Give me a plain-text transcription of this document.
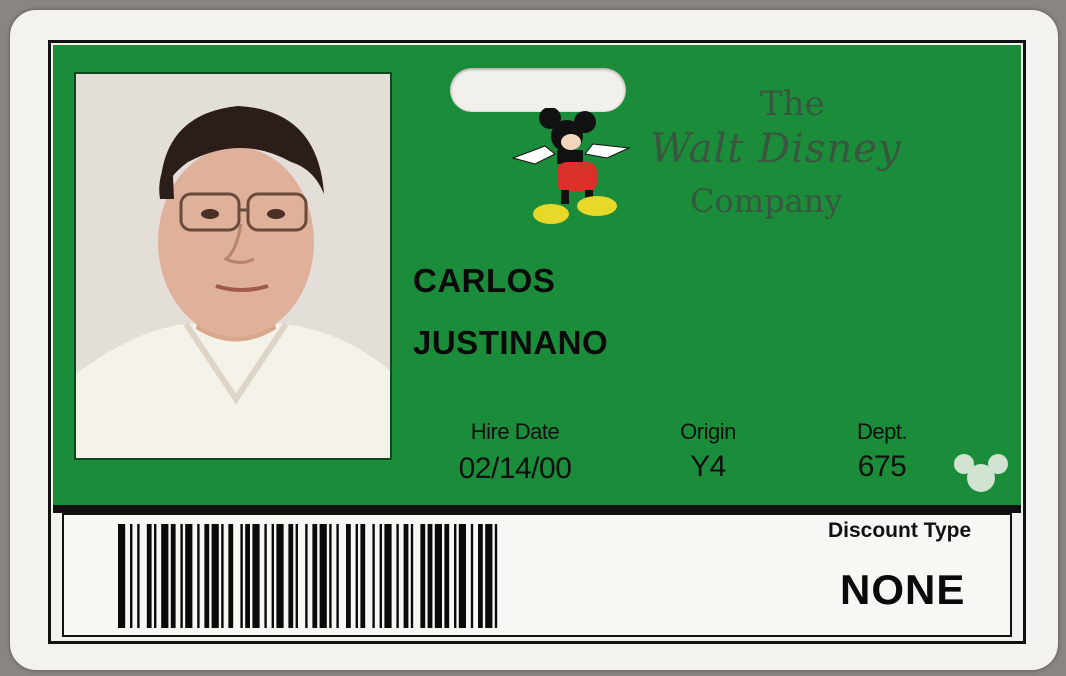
The
Walt Disney
Company
CARLOS
JUSTINANO
Hire Date
02/14/00
Origin
Y4
Dept.
675
Discount Type
NONE
